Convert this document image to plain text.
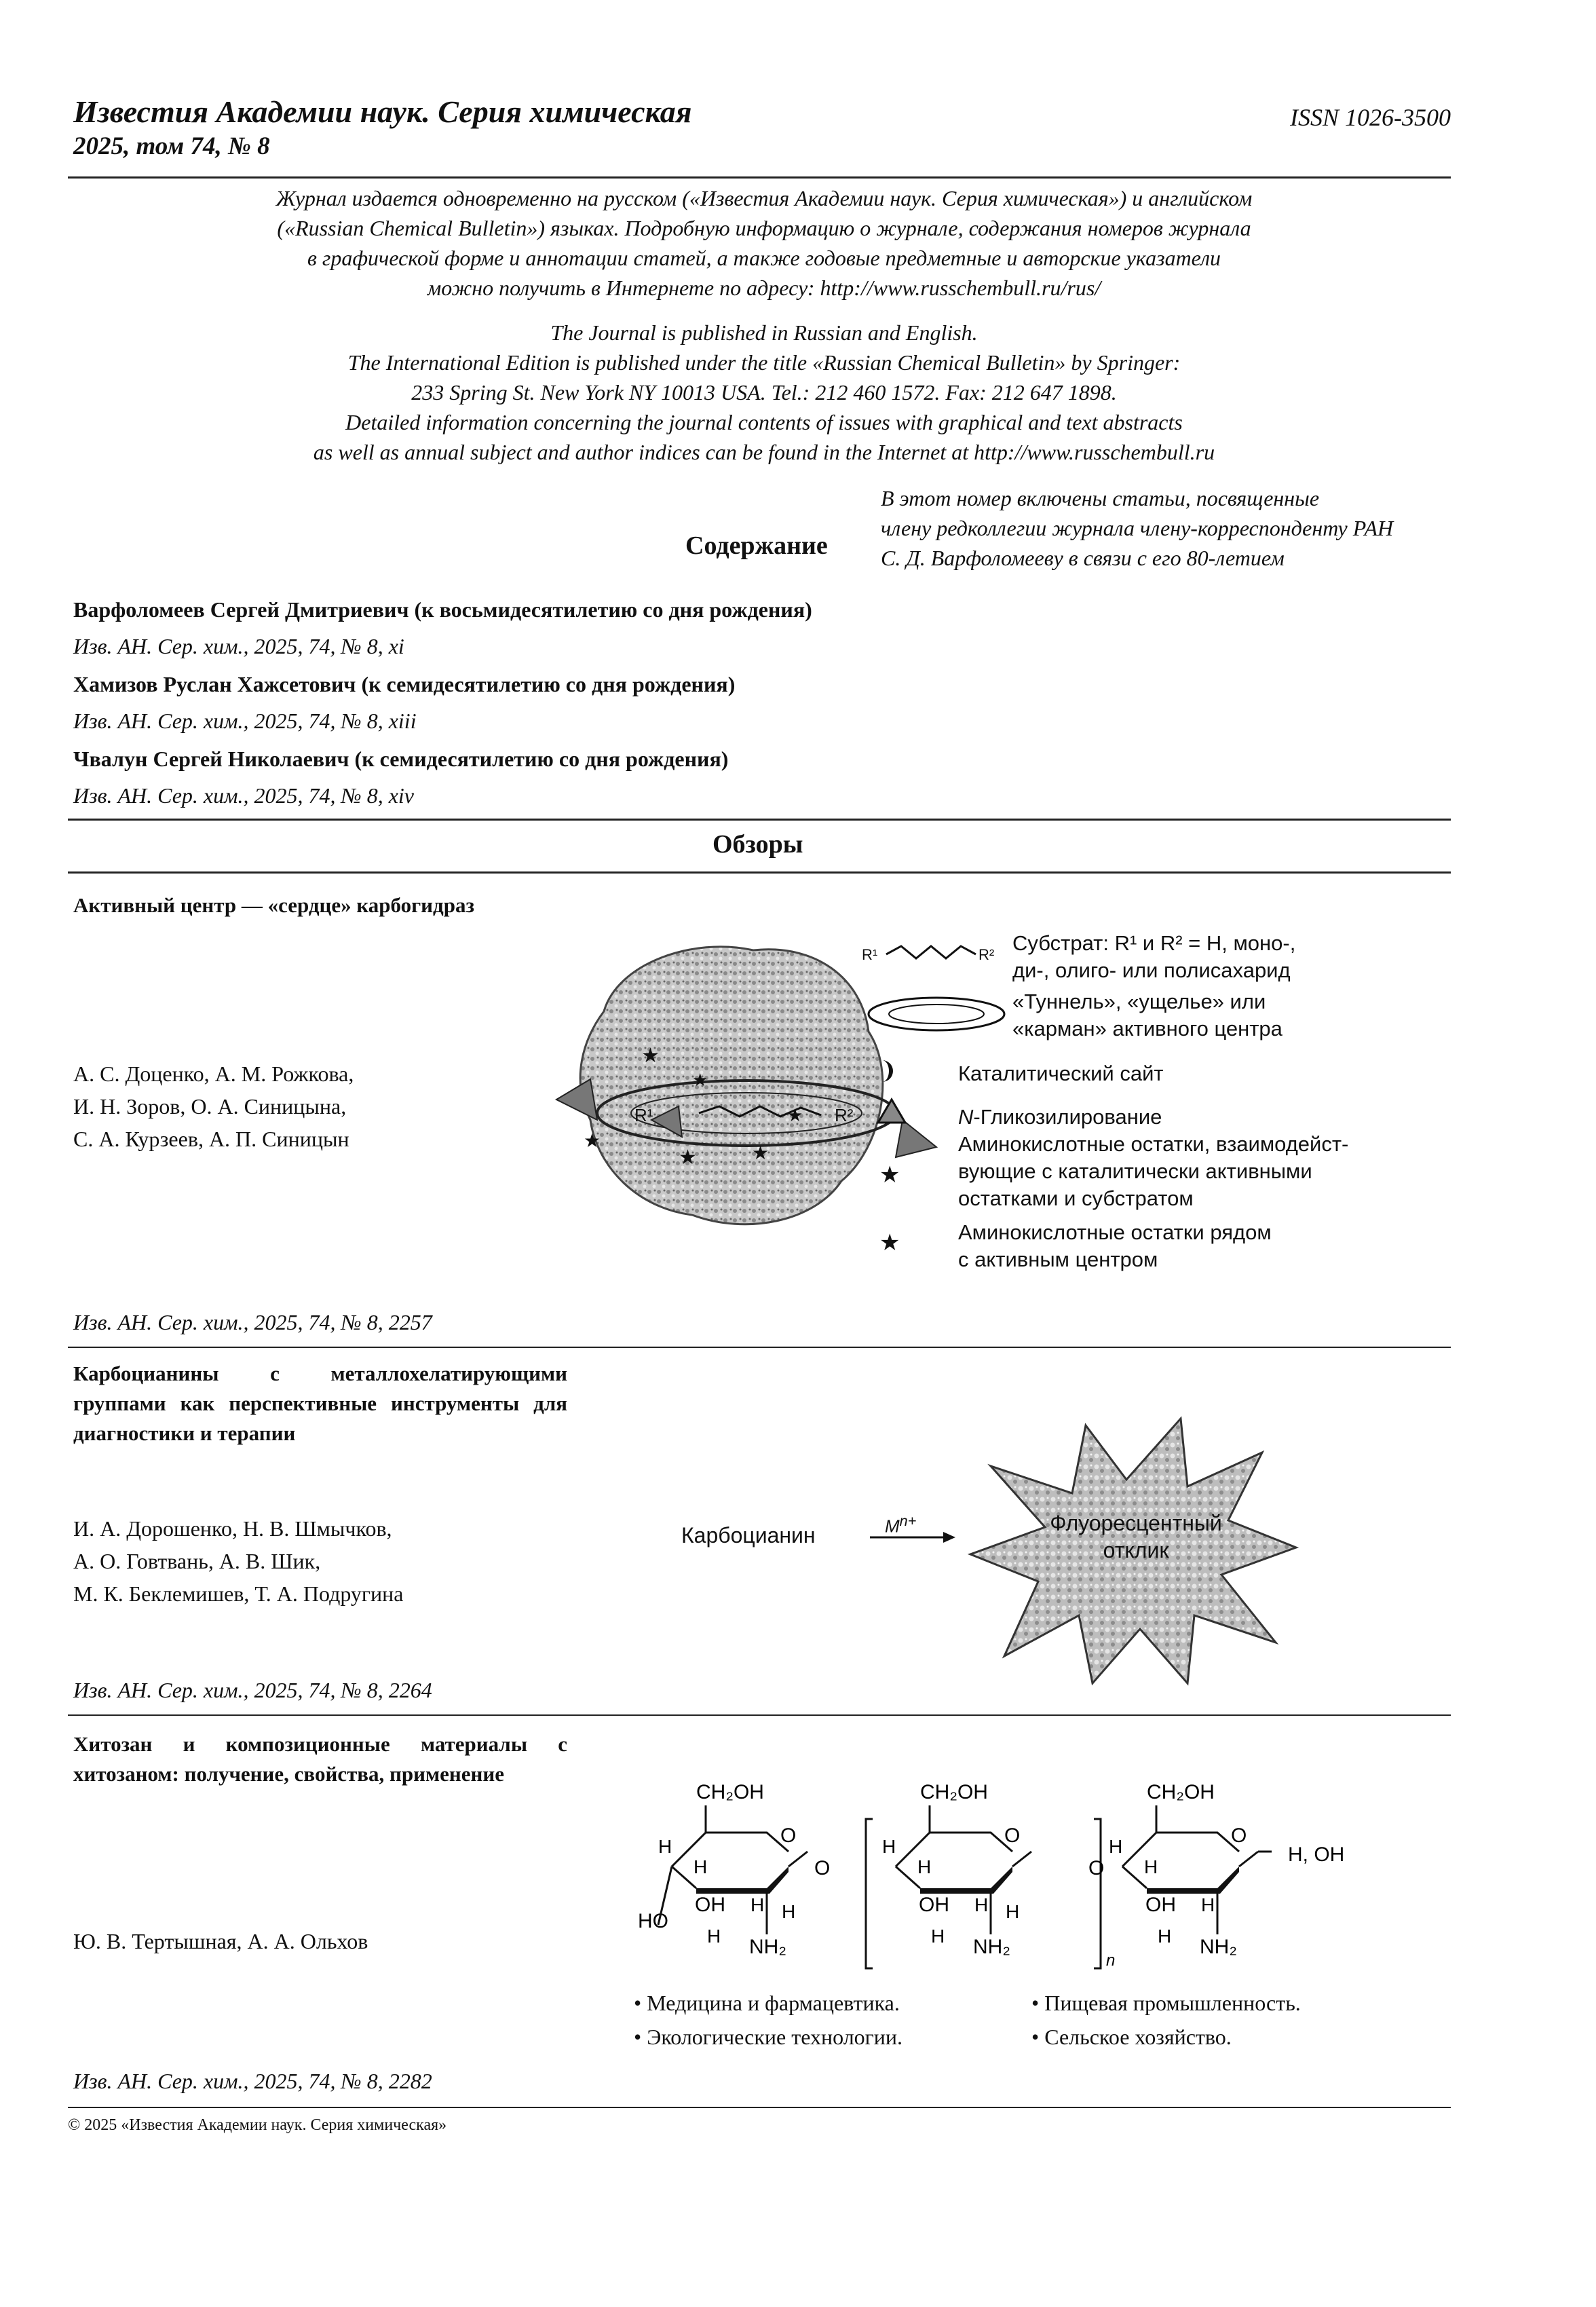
Известия Академии наук. Серия химическая
2025, том 74, № 8
ISSN 1026-3500
Журнал издается одновременно на русском («Известия Академии наук. Серия химическая») и английском
(«Russian Chemical Bulletin») языках. Подробную информацию о журнале, содержания номеров журнала
в графической форме и аннотации статей, а также годовые предметные и авторские указатели
можно получить в Интернете по адресу: http://www.russchembull.ru/rus/
The Journal is published in Russian and English.
The International Edition is published under the title «Russian Chemical Bulletin» by Springer:
233 Spring St. New York NY 10013 USA. Tel.: 212 460 1572. Fax: 212 647 1898.
Detailed information concerning the journal contents of issues with graphical and text abstracts
as well as annual subject and author indices can be found in the Internet at http://www.russchembull.ru
Содержание
В этот номер включены статьи, посвященные
члену редколлегии журнала члену-корреспонденту РАН
С. Д. Варфоломееву в связи с его 80-летием
Варфоломеев Сергей Дмитриевич (к восьмидесятилетию со дня рождения)
Изв. АН. Сер. хим., 2025, 74, № 8, xi
Хамизов Руслан Хажсетович (к семидесятилетию со дня рождения)
Изв. АН. Сер. хим., 2025, 74, № 8, xiii
Чвалун Сергей Николаевич (к семидесятилетию со дня рождения)
Изв. АН. Сер. хим., 2025, 74, № 8, xiv
Обзоры
Активный центр — «сердце» карбогидраз
А. С. Доценко, А. М. Рожкова,
И. Н. Зоров, О. А. Синицына,
С. А. Курзеев, А. П. Синицын
★
★
★
★	★
★
R¹	R²
R¹	R²
★
★
Субстрат: R¹ и R² = H, моно-,
ди-, олиго- или полисахарид
«Туннель», «ущелье» или
«карман» активного центра
Каталитический сайт
N-Гликозилирование
Аминокислотные остатки, взаимодейст-
вующие с каталитически активными
остатками и субстратом
Аминокислотные остатки рядом
с активным центром
Изв. АН. Сер. хим., 2025, 74, № 8, 2257
Карбоцианины с металлохелатирующими группами как перспективные инструменты для диагностики и терапии
И. А. Дорошенко, Н. В. Шмычков,
А. О. Говтвань, А. В. Шик,
М. К. Беклемишев, Т. А. Подругина
Карбоцианин	$M^{n+}$	Флуоресцентный
отклик
Изв. АН. Сер. хим., 2025, 74, № 8, 2264
Хитозан и композиционные материалы с хитозаном: получение, свойства, применение
Ю. В. Тертышная, А. А. Ольхов
CH₂OH
O
H
H
OH
HO
H H
H NH₂
O
CH₂OH
O
H
H
OH H H
H NH₂
n
O
CH₂OH
O
H
H
OH H
H NH₂
H, OH
• Медицина и фармацевтика.
• Экологические технологии.
• Пищевая промышленность.
• Сельское хозяйство.
Изв. АН. Сер. хим., 2025, 74, № 8, 2282
© 2025 «Известия Академии наук. Серия химическая»
